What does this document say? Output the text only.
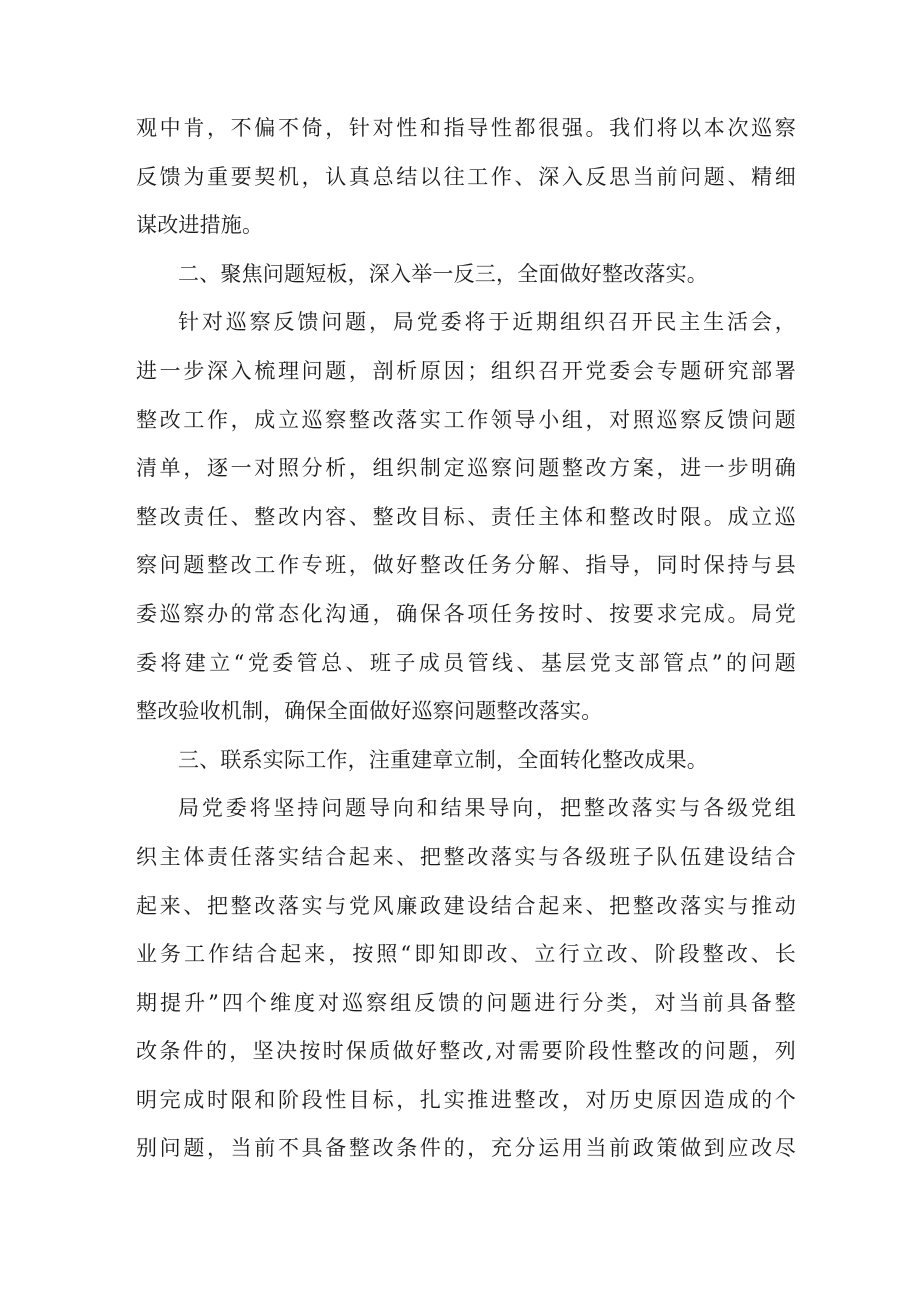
观中肯，不偏不倚，针对性和指导性都很强。我们将以本次巡察
反馈为重要契机，认真总结以往工作、深入反思当前问题、精细
谋改进措施。
二、聚焦问题短板，深入举一反三，全面做好整改落实。
针对巡察反馈问题，局党委将于近期组织召开民主生活会，
进一步深入梳理问题，剖析原因；组织召开党委会专题研究部署
整改工作，成立巡察整改落实工作领导小组，对照巡察反馈问题
清单，逐一对照分析，组织制定巡察问题整改方案，进一步明确
整改责任、整改内容、整改目标、责任主体和整改时限。成立巡
察问题整改工作专班，做好整改任务分解、指导，同时保持与县
委巡察办的常态化沟通，确保各项任务按时、按要求完成。局党
委将建立“党委管总、班子成员管线、基层党支部管点”的问题
整改验收机制，确保全面做好巡察问题整改落实。
三、联系实际工作，注重建章立制，全面转化整改成果。
局党委将坚持问题导向和结果导向，把整改落实与各级党组
织主体责任落实结合起来、把整改落实与各级班子队伍建设结合
起来、把整改落实与党风廉政建设结合起来、把整改落实与推动
业务工作结合起来，按照“即知即改、立行立改、阶段整改、长
期提升”四个维度对巡察组反馈的问题进行分类，对当前具备整
改条件的，坚决按时保质做好整改,对需要阶段性整改的问题，列
明完成时限和阶段性目标，扎实推进整改，对历史原因造成的个
别问题，当前不具备整改条件的，充分运用当前政策做到应改尽
